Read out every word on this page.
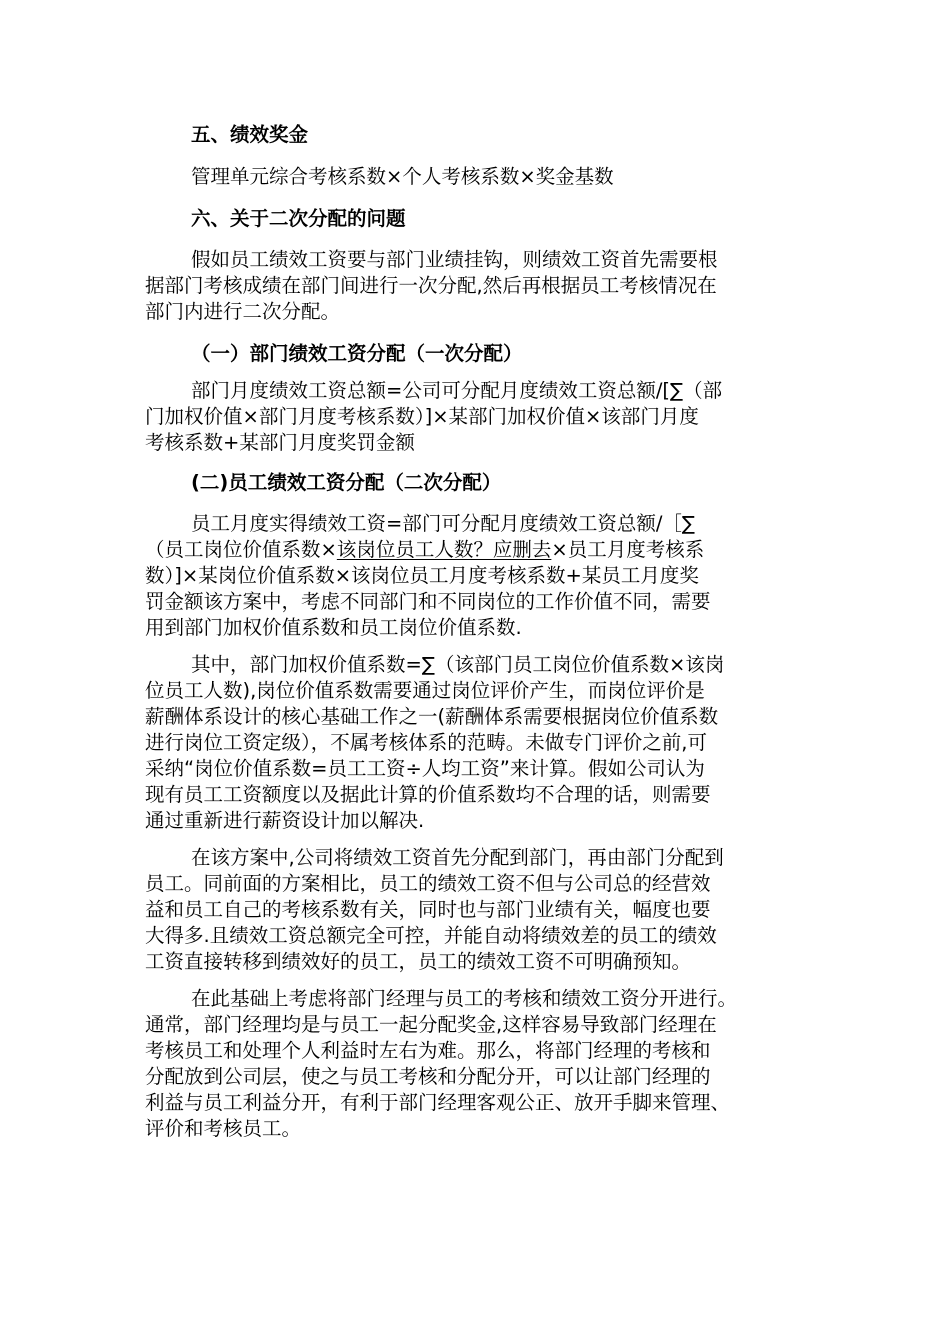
五、绩效奖金
管理单元综合考核系数×个人考核系数×奖金基数
六、关于二次分配的问题
假如员工绩效工资要与部门业绩挂钩，则绩效工资首先需要根
据部门考核成绩在部门间进行一次分配,然后再根据员工考核情况在
部门内进行二次分配。
（一）部门绩效工资分配（一次分配）
部门月度绩效工资总额=公司可分配月度绩效工资总额/[∑（部
门加权价值×部门月度考核系数）]×某部门加权价值×该部门月度
考核系数+某部门月度奖罚金额
(二)员工绩效工资分配（二次分配）
员工月度实得绩效工资=部门可分配月度绩效工资总额/［∑
（员工岗位价值系数×该岗位员工人数？应删去×员工月度考核系
数）]×某岗位价值系数×该岗位员工月度考核系数+某员工月度奖
罚金额该方案中，考虑不同部门和不同岗位的工作价值不同，需要
用到部门加权价值系数和员工岗位价值系数.
其中，部门加权价值系数=∑（该部门员工岗位价值系数×该岗
位员工人数),岗位价值系数需要通过岗位评价产生，而岗位评价是
薪酬体系设计的核心基础工作之一(薪酬体系需要根据岗位价值系数
进行岗位工资定级），不属考核体系的范畴。未做专门评价之前,可
采纳“岗位价值系数=员工工资÷人均工资”来计算。假如公司认为
现有员工工资额度以及据此计算的价值系数均不合理的话，则需要
通过重新进行薪资设计加以解决.
在该方案中,公司将绩效工资首先分配到部门，再由部门分配到
员工。同前面的方案相比，员工的绩效工资不但与公司总的经营效
益和员工自己的考核系数有关，同时也与部门业绩有关，幅度也要
大得多.且绩效工资总额完全可控，并能自动将绩效差的员工的绩效
工资直接转移到绩效好的员工，员工的绩效工资不可明确预知。
在此基础上考虑将部门经理与员工的考核和绩效工资分开进行。
通常，部门经理均是与员工一起分配奖金,这样容易导致部门经理在
考核员工和处理个人利益时左右为难。那么，将部门经理的考核和
分配放到公司层，使之与员工考核和分配分开，可以让部门经理的
利益与员工利益分开，有利于部门经理客观公正、放开手脚来管理、
评价和考核员工。
